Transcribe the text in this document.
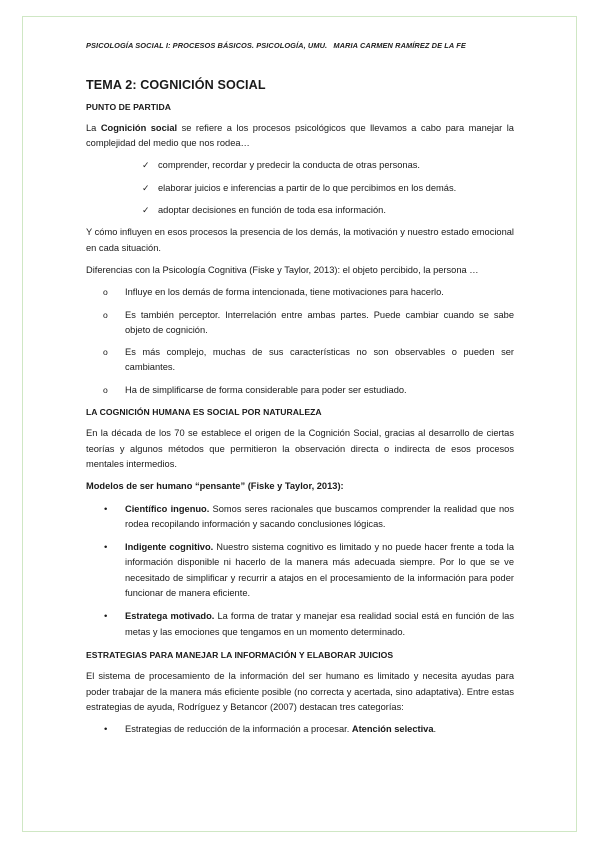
PSICOLOGÍA SOCIAL I: PROCESOS BÁSICOS. PSICOLOGÍA, UMU. MARIA CARMEN RAMÍREZ DE LA FE
TEMA 2: COGNICIÓN SOCIAL
PUNTO DE PARTIDA

La Cognición social se refiere a los procesos psicológicos que llevamos a cabo para manejar la complejidad del medio que nos rodea…

✓ comprender, recordar y predecir la conducta de otras personas.
✓ elaborar juicios e inferencias a partir de lo que percibimos en los demás.
✓ adoptar decisiones en función de toda esa información.

Y cómo influyen en esos procesos la presencia de los demás, la motivación y nuestro estado emocional en cada situación.

Diferencias con la Psicología Cognitiva (Fiske y Taylor, 2013): el objeto percibido, la persona …

o Influye en los demás de forma intencionada, tiene motivaciones para hacerlo.
o Es también perceptor. Interrelación entre ambas partes. Puede cambiar cuando se sabe objeto de cognición.
o Es más complejo, muchas de sus características no son observables o pueden ser cambiantes.
o Ha de simplificarse de forma considerable para poder ser estudiado.
LA COGNICIÓN HUMANA ES SOCIAL POR NATURALEZA

En la década de los 70 se establece el origen de la Cognición Social, gracias al desarrollo de ciertas teorías y algunos métodos que permitieron la observación directa o indirecta de esos procesos mentales intermedios.

Modelos de ser humano “pensante” (Fiske y Taylor, 2013):

• Científico ingenuo. Somos seres racionales que buscamos comprender la realidad que nos rodea recopilando información y sacando conclusiones lógicas.
• Indigente cognitivo. Nuestro sistema cognitivo es limitado y no puede hacer frente a toda la información disponible ni hacerlo de la manera más adecuada siempre. Por lo que se ve necesitado de simplificar y recurrir a atajos en el procesamiento de la información para poder funcionar de manera eficiente.
• Estratega motivado. La forma de tratar y manejar esa realidad social está en función de las metas y las emociones que tengamos en un momento determinado.
ESTRATEGIAS PARA MANEJAR LA INFORMACIÓN Y ELABORAR JUICIOS

El sistema de procesamiento de la información del ser humano es limitado y necesita ayudas para poder trabajar de la manera más eficiente posible (no correcta y acertada, sino adaptativa). Entre estas estrategias de ayuda, Rodríguez y Betancor (2007) destacan tres categorías:

• Estrategias de reducción de la información a procesar. Atención selectiva.
